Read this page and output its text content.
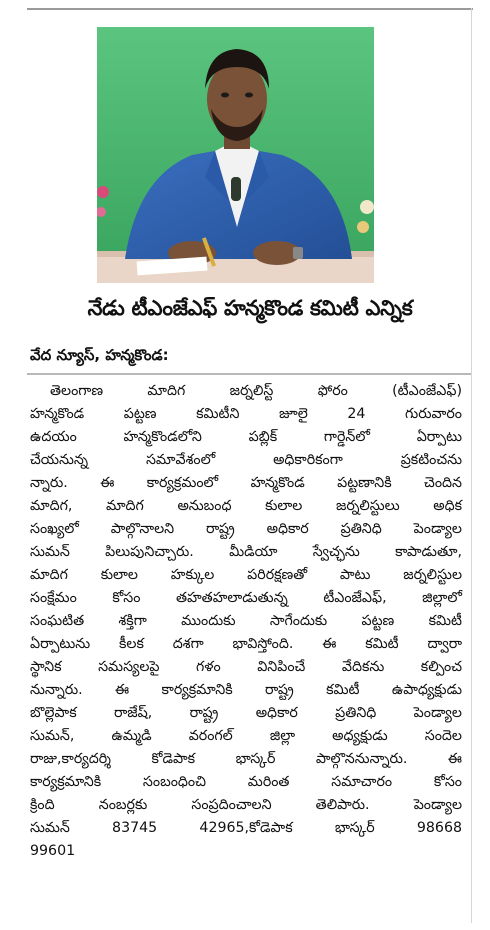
నేడు టీఎంజేఎఫ్ హన్మకొండ కమిటీ ఎన్నిక
వేద న్యూస్, హన్మకొండ:
తెలంగాణ మాదిగ జర్నలిస్ట్ ఫోరం (టీఎంజేఎఫ్)
హన్మకొండ పట్టణ కమిటీని జూలై 24 గురువారం
ఉదయం హన్మకొండలోని పబ్లిక్ గార్డెన్‌లో ఏర్పాటు
చేయనున్న సమావేశంలో అధికారికంగా ప్రకటించను
న్నారు. ఈ కార్యక్రమంలో హన్మకొండ పట్టణానికి చెందిన
మాదిగ, మాదిగ అనుబంధ కులాల జర్నలిస్టులు అధిక
సంఖ్యలో పాల్గొనాలని రాష్ట్ర అధికార ప్రతినిధి పెండ్యాల
సుమన్ పిలుపునిచ్చారు. మీడియా స్వేచ్ఛను కాపాడుతూ,
మాదిగ కులాల హక్కుల పరిరక్షణతో పాటు జర్నలిస్టుల
సంక్షేమం కోసం తహతహలాడుతున్న టీఎంజేఎఫ్, జిల్లాలో
సంఘటిత శక్తిగా ముందుకు సాగేందుకు పట్టణ కమిటీ
ఏర్పాటును కీలక దశగా భావిస్తోంది. ఈ కమిటీ ద్వారా
స్థానిక సమస్యలపై గళం వినిపించే వేదికను కల్పించ
నున్నారు. ఈ కార్యక్రమానికి రాష్ట్ర కమిటీ ఉపాధ్యక్షుడు
బొల్లెపాక రాజేష్, రాష్ట్ర అధికార ప్రతినిధి పెండ్యాల
సుమన్, ఉమ్మడి వరంగల్ జిల్లా అధ్యక్షుడు సందెల
రాజు,కార్యదర్శి కోడెపాక భాస్కర్ పాల్గొననున్నారు. ఈ
కార్యక్రమానికి సంబంధించి మరింత సమాచారం కోసం
క్రింది నంబర్లకు సంప్రదించాలని తెలిపారు. పెండ్యాల
సుమన్ 83745 42965,కోడెపాక భాస్కర్ 98668
99601
